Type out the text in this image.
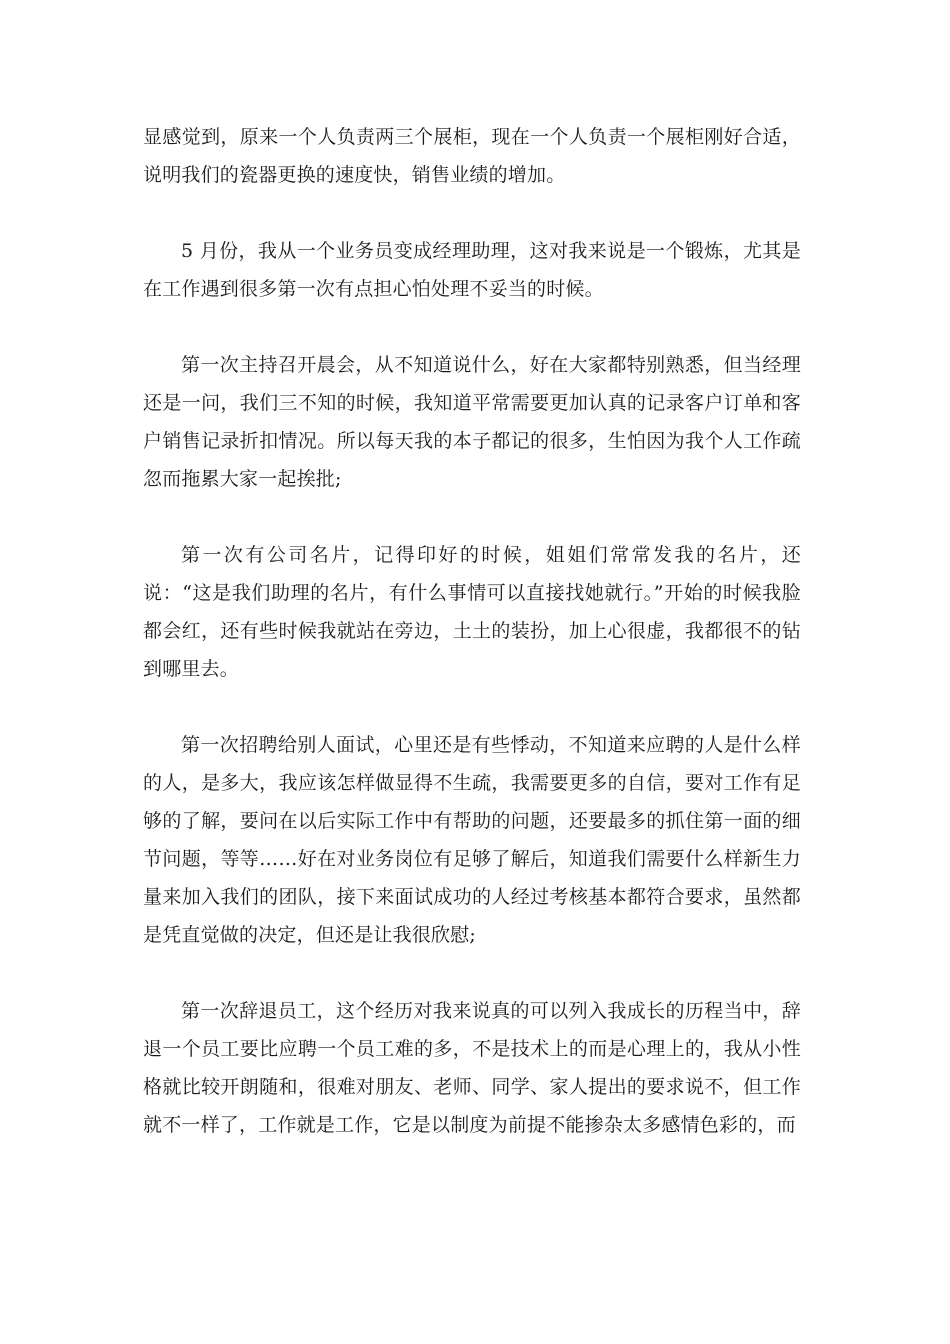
显感觉到，原来一个人负责两三个展柜，现在一个人负责一个展柜刚好合适，说明我们的瓷器更换的速度快，销售业绩的增加。

5 月份，我从一个业务员变成经理助理，这对我来说是一个锻炼，尤其是在工作遇到很多第一次有点担心怕处理不妥当的时候。

第一次主持召开晨会，从不知道说什么，好在大家都特别熟悉，但当经理还是一问，我们三不知的时候，我知道平常需要更加认真的记录客户订单和客户销售记录折扣情况。所以每天我的本子都记的很多，生怕因为我个人工作疏忽而拖累大家一起挨批;

第一次有公司名片，记得印好的时候，姐姐们常常发我的名片，还说：“这是我们助理的名片，有什么事情可以直接找她就行。”开始的时候我脸都会红，还有些时候我就站在旁边，土土的装扮，加上心很虚，我都很不的钻到哪里去。

第一次招聘给别人面试，心里还是有些悸动，不知道来应聘的人是什么样的人，是多大，我应该怎样做显得不生疏，我需要更多的自信，要对工作有足够的了解，要问在以后实际工作中有帮助的问题，还要最多的抓住第一面的细节问题，等等……好在对业务岗位有足够了解后，知道我们需要什么样新生力量来加入我们的团队，接下来面试成功的人经过考核基本都符合要求，虽然都是凭直觉做的决定，但还是让我很欣慰;

第一次辞退员工，这个经历对我来说真的可以列入我成长的历程当中，辞退一个员工要比应聘一个员工难的多，不是技术上的而是心理上的，我从小性格就比较开朗随和，很难对朋友、老师、同学、家人提出的要求说不，但工作就不一样了，工作就是工作，它是以制度为前提不能掺杂太多感情色彩的，而
